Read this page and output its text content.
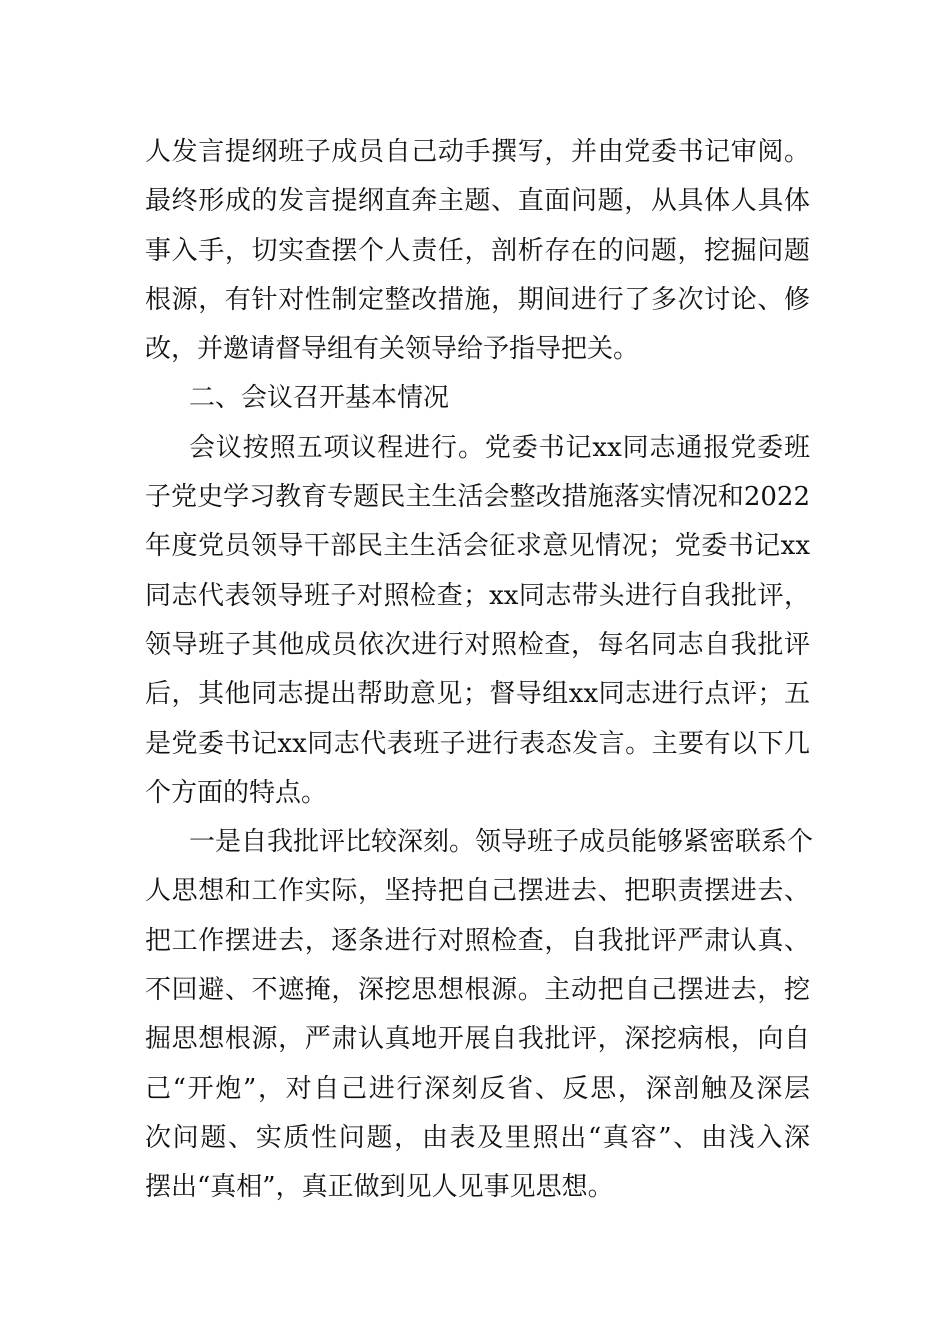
人发言提纲班子成员自己动手撰写，并由党委书记审阅。
最终形成的发言提纲直奔主题、直面问题，从具体人具体
事入手，切实查摆个人责任，剖析存在的问题，挖掘问题
根源，有针对性制定整改措施，期间进行了多次讨论、修
改，并邀请督导组有关领导给予指导把关。
二、会议召开基本情况
会议按照五项议程进行。党委书记xx同志通报党委班
子党史学习教育专题民主生活会整改措施落实情况和2022
年度党员领导干部民主生活会征求意见情况；党委书记xx
同志代表领导班子对照检查；xx同志带头进行自我批评，
领导班子其他成员依次进行对照检查，每名同志自我批评
后，其他同志提出帮助意见；督导组xx同志进行点评；五
是党委书记xx同志代表班子进行表态发言。主要有以下几
个方面的特点。
一是自我批评比较深刻。领导班子成员能够紧密联系个
人思想和工作实际，坚持把自己摆进去、把职责摆进去、
把工作摆进去，逐条进行对照检查，自我批评严肃认真、
不回避、不遮掩，深挖思想根源。主动把自己摆进去，挖
掘思想根源，严肃认真地开展自我批评，深挖病根，向自
己“开炮”，对自己进行深刻反省、反思，深剖触及深层
次问题、实质性问题，由表及里照出“真容”、由浅入深
摆出“真相”，真正做到见人见事见思想。
